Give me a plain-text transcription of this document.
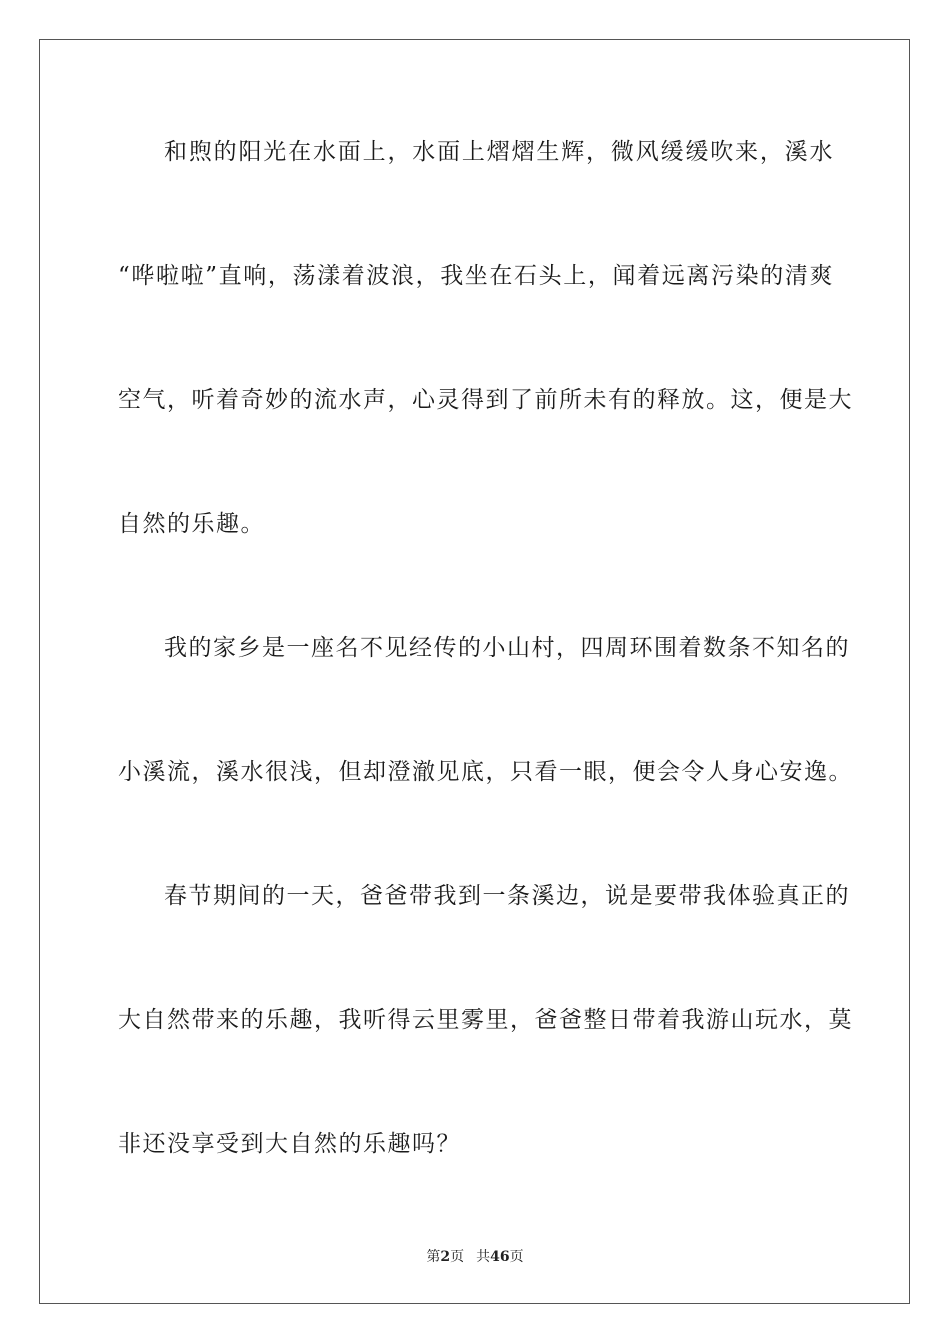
和煦的阳光在水面上，水面上熠熠生辉，微风缓缓吹来，溪水
“哗啦啦”直响，荡漾着波浪，我坐在石头上，闻着远离污染的清爽
空气，听着奇妙的流水声，心灵得到了前所未有的释放。这，便是大
自然的乐趣。
我的家乡是一座名不见经传的小山村，四周环围着数条不知名的
小溪流，溪水很浅，但却澄澈见底，只看一眼，便会令人身心安逸。
春节期间的一天，爸爸带我到一条溪边，说是要带我体验真正的
大自然带来的乐趣，我听得云里雾里，爸爸整日带着我游山玩水，莫
非还没享受到大自然的乐趣吗？
第2页 共46页
